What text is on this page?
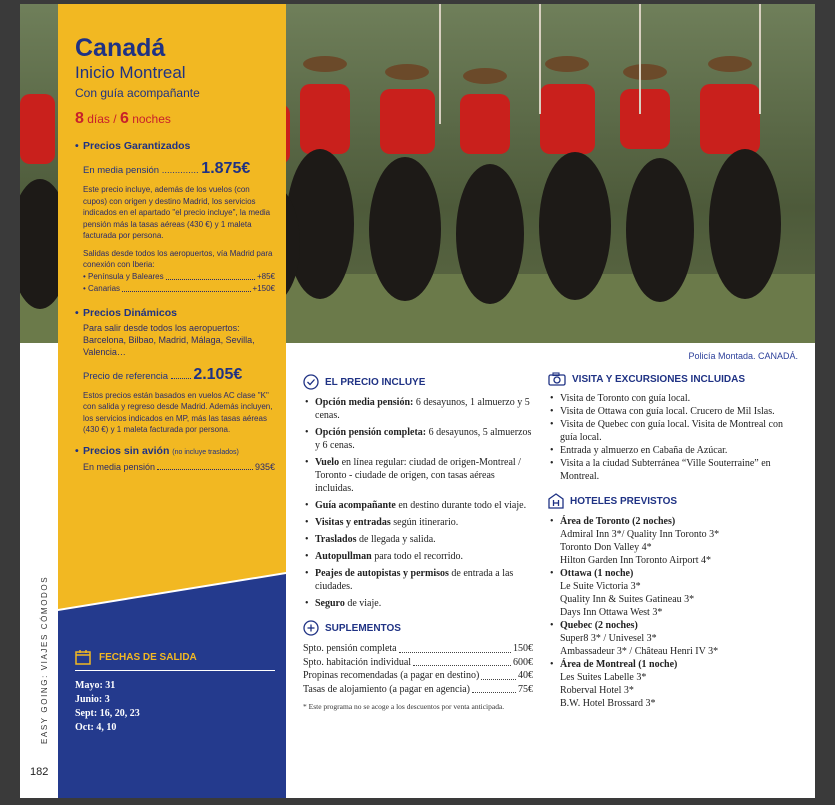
EASY GOING: VIAJES CÓMODOS
182
Canadá
Inicio Montreal
Con guía acompañante
8 días / 6 noches
• Precios Garantizados
En media pensión .............. 1.875€
Este precio incluye, además de los vuelos (con cupos) con origen y destino Madrid, los servicios indicados en el apartado "el precio incluye", la media pensión más la tasas aéreas (430 €) y 1 maleta facturada por persona.
Salidas desde todos los aeropuertos, vía Madrid para conexión con Iberia:
• Península y Baleares	+85€
• Canarias	+150€
• Precios Dinámicos
Para salir desde todos los aeropuertos: Barcelona, Bilbao, Madrid, Málaga, Sevilla, Valencia…
Precio de referencia 2.105€
Estos precios están basados en vuelos AC clase "K" con salida y regreso desde Madrid. Además incluyen, los servicios indicados en MP, más las tasas aéreas (430 €) y 1 maleta facturada por persona.
• Precios sin avión (no incluye traslados)
En media pensión	935€
FECHAS DE SALIDA
Mayo: 31
Junio: 3
Sept: 16, 20, 23
Oct: 4, 10
Policía Montada. CANADÁ.
EL PRECIO INCLUYE
• Opción media pensión: 6 desayunos, 1 almuerzo y 5 cenas.
• Opción pensión completa: 6 desayunos, 5 almuerzos y 6 cenas.
• Vuelo en línea regular: ciudad de origen-Montreal / Toronto - ciudade de origen, con tasas aéreas incluidas.
• Guía acompañante en destino durante todo el viaje.
• Visitas y entradas según itinerario.
• Traslados de llegada y salida.
• Autopullman para todo el recorrido.
• Peajes de autopistas y permisos de entrada a las ciudades.
• Seguro de viaje.
SUPLEMENTOS
Spto. pensión completa	150€
Spto. habitación individual	600€
Propinas recomendadas (a pagar en destino)	40€
Tasas de alojamiento (a pagar en agencia)	75€
* Este programa no se acoge a los descuentos por venta anticipada.
VISITA Y EXCURSIONES INCLUIDAS
• Visita de Toronto con guía local.
• Visita de Ottawa con guía local. Crucero de Mil Islas.
• Visita de Quebec con guía local. Visita de Montreal con guía local.
• Entrada y almuerzo en Cabaña de Azúcar.
• Visita a la ciudad Subterránea “Ville Souterraine” en Montreal.
HOTELES PREVISTOS
• Área de Toronto (2 noches)
Admiral Inn 3*/ Quality Inn Toronto 3*
Toronto Don Valley 4*
Hilton Garden Inn Toronto Airport 4*
• Ottawa (1 noche)
Le Suite Victoria 3*
Quality Inn & Suites Gatineau 3*
Days Inn Ottawa West 3*
• Quebec (2 noches)
Super8 3* / Univesel 3*
Ambassadeur 3* / Château Henri IV 3*
• Área de Montreal (1 noche)
Les Suites Labelle 3*
Roberval Hotel 3*
B.W. Hotel Brossard 3*
